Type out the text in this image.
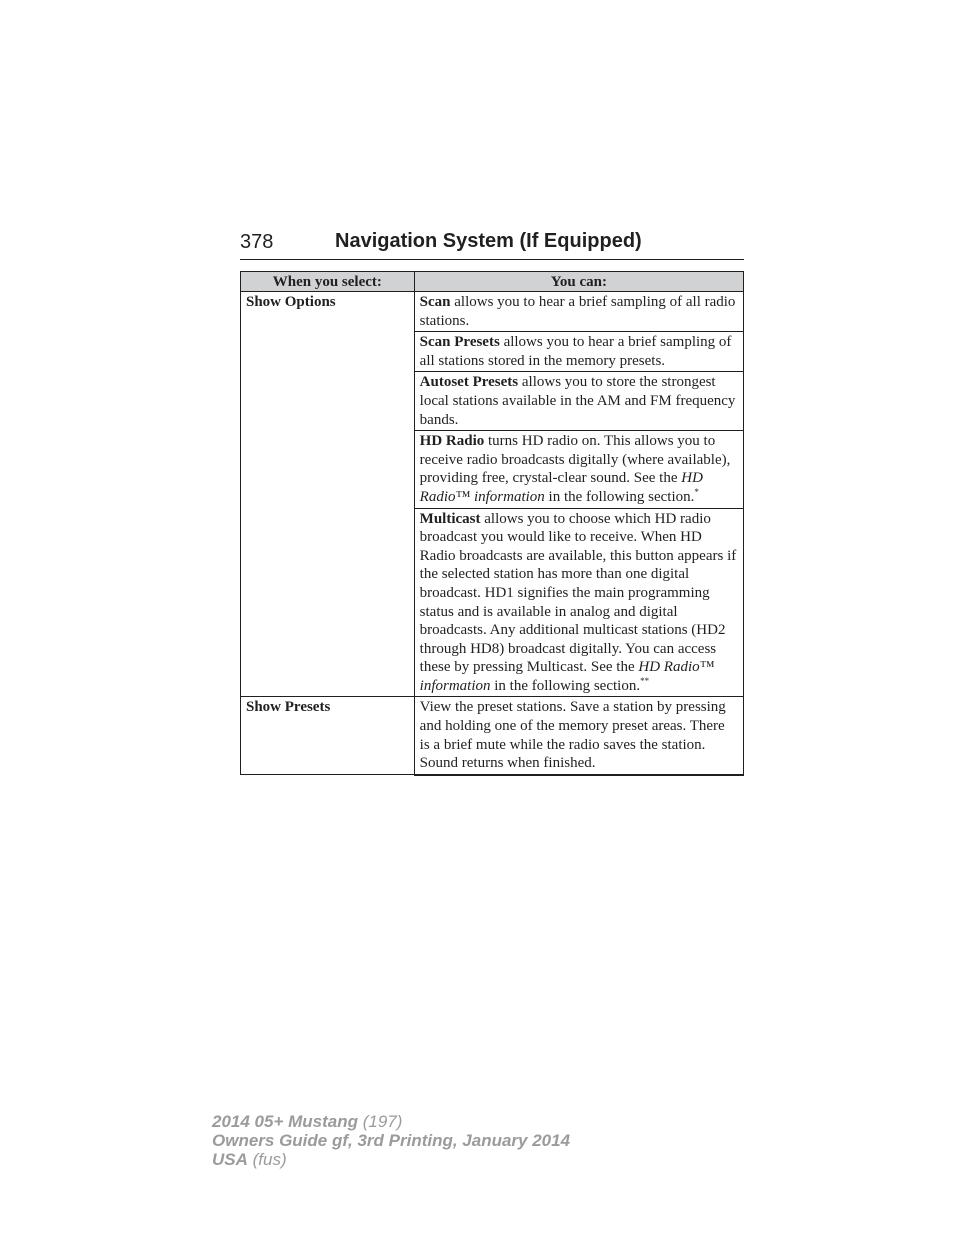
378	Navigation System (If Equipped)
When you select:	You can:
Show Options	Scan allows you to hear a brief sampling of all radio stations.
	Scan Presets allows you to hear a brief sampling of all stations stored in the memory presets.
	Autoset Presets allows you to store the strongest local stations available in the AM and FM frequency bands.
	HD Radio turns HD radio on. This allows you to receive radio broadcasts digitally (where available), providing free, crystal-clear sound. See the HD Radio™ information in the following section.*
	Multicast allows you to choose which HD radio broadcast you would like to receive. When HD Radio broadcasts are available, this button appears if the selected station has more than one digital broadcast. HD1 signifies the main programming status and is available in analog and digital broadcasts. Any additional multicast stations (HD2 through HD8) broadcast digitally. You can access these by pressing Multicast. See the HD Radio™ information in the following section.**
Show Presets	View the preset stations. Save a station by pressing and holding one of the memory preset areas. There is a brief mute while the radio saves the station. Sound returns when finished.
2014 05+ Mustang (197)
Owners Guide gf, 3rd Printing, January 2014
USA (fus)
